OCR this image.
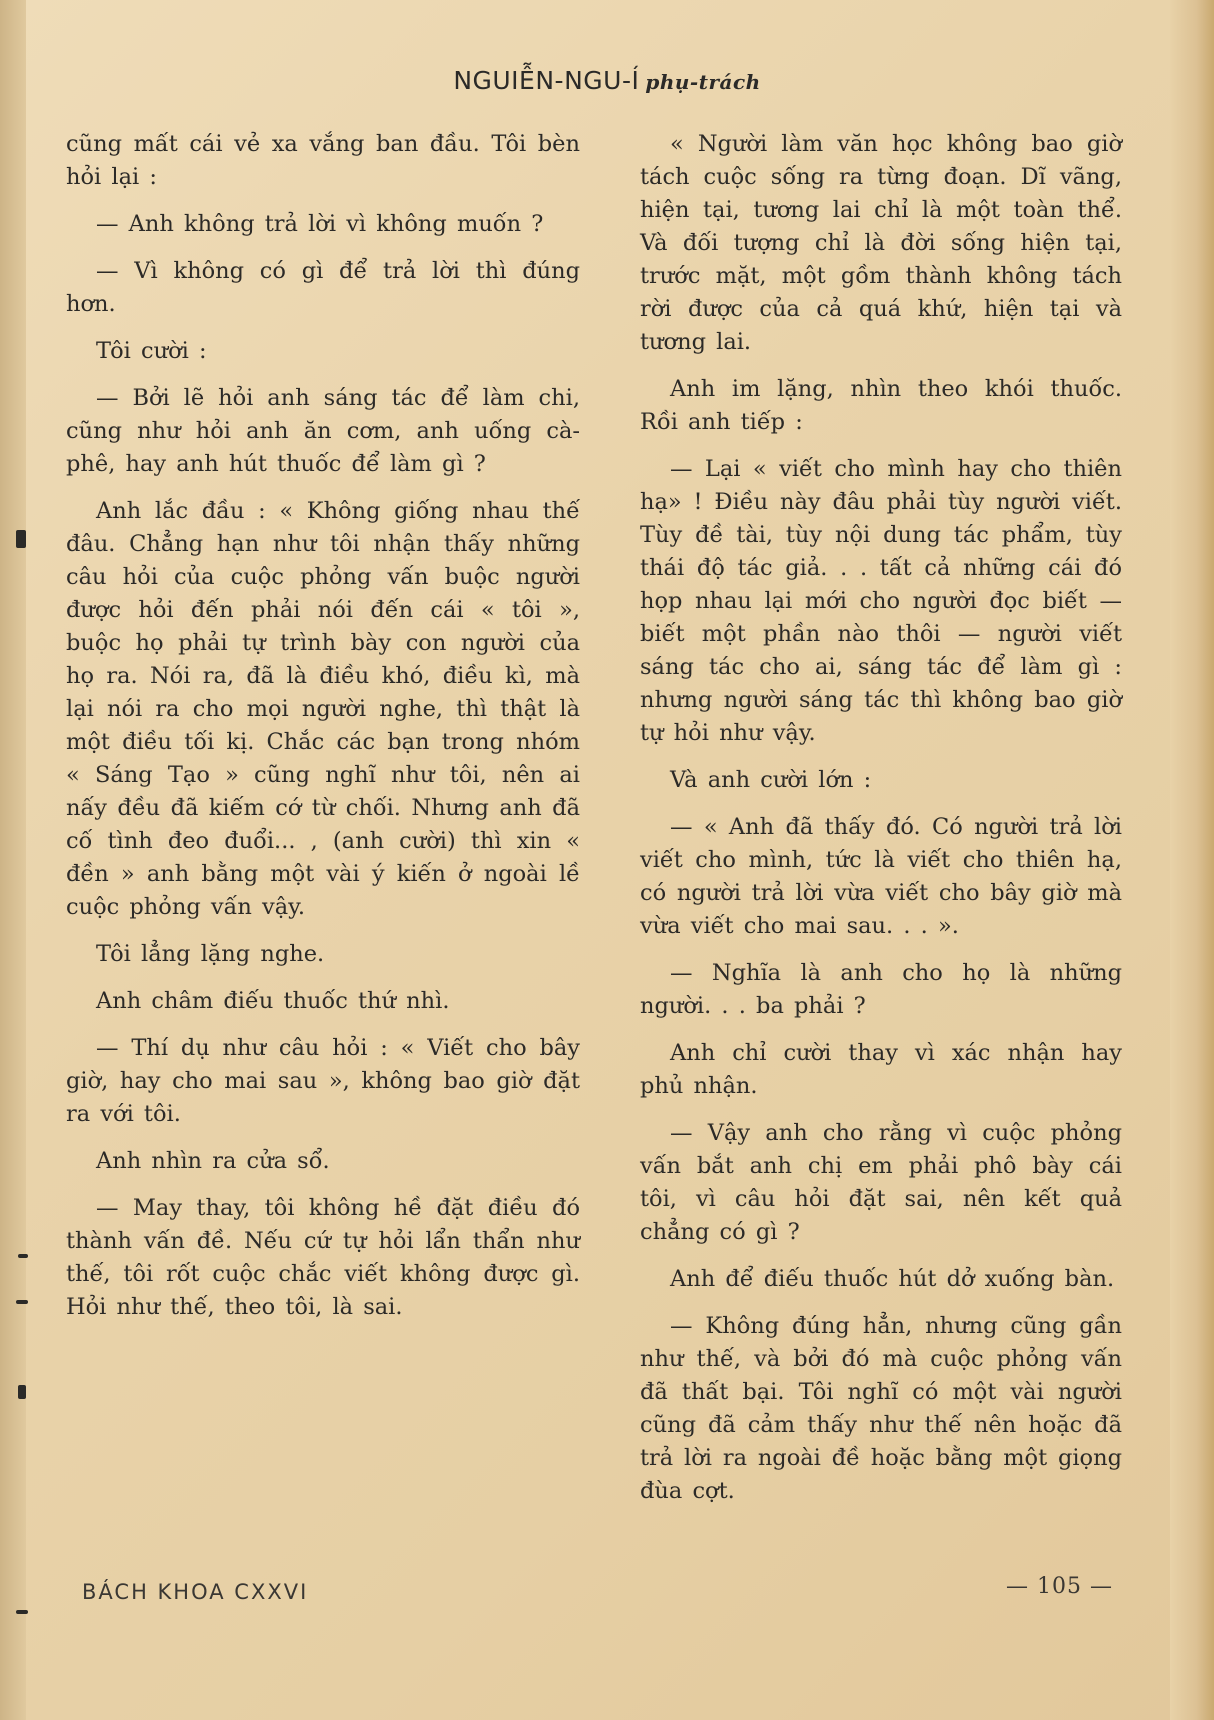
NGUIỄN-NGU-Í phụ-trách

cũng mất cái vẻ xa vắng ban đầu. Tôi bèn hỏi lại :

— Anh không trả lời vì không muốn ?

— Vì không có gì để trả lời thì đúng hơn.

Tôi cười :

— Bởi lẽ hỏi anh sáng tác để làm chi, cũng như hỏi anh ăn cơm, anh uống cà-phê, hay anh hút thuốc để làm gì ?

Anh lắc đầu : « Không giống nhau thế đâu. Chẳng hạn như tôi nhận thấy những câu hỏi của cuộc phỏng vấn buộc người được hỏi đến phải nói đến cái « tôi », buộc họ phải tự trình bày con người của họ ra. Nói ra, đã là điều khó, điều kì, mà lại nói ra cho mọi người nghe, thì thật là một điều tối kị. Chắc các bạn trong nhóm « Sáng Tạo » cũng nghĩ như tôi, nên ai nấy đều đã kiếm cớ từ chối. Nhưng anh đã cố tình đeo đuổi... , (anh cười) thì xin « đền » anh bằng một vài ý kiến ở ngoài lề cuộc phỏng vấn vậy.

Tôi lẳng lặng nghe.

Anh châm điếu thuốc thứ nhì.

— Thí dụ như câu hỏi : « Viết cho bây giờ, hay cho mai sau », không bao giờ đặt ra với tôi.

Anh nhìn ra cửa sổ.

— May thay, tôi không hề đặt điều đó thành vấn đề. Nếu cứ tự hỏi lẩn thẩn như thế, tôi rốt cuộc chắc viết không được gì. Hỏi như thế, theo tôi, là sai.

« Người làm văn học không bao giờ tách cuộc sống ra từng đoạn. Dĩ vãng, hiện tại, tương lai chỉ là một toàn thể. Và đối tượng chỉ là đời sống hiện tại, trước mặt, một gồm thành không tách rời được của cả quá khứ, hiện tại và tương lai.

Anh im lặng, nhìn theo khói thuốc. Rồi anh tiếp :

— Lại « viết cho mình hay cho thiên hạ» ! Điều này đâu phải tùy người viết. Tùy đề tài, tùy nội dung tác phẩm, tùy thái độ tác giả. . . tất cả những cái đó họp nhau lại mới cho người đọc biết — biết một phần nào thôi — người viết sáng tác cho ai, sáng tác để làm gì : nhưng người sáng tác thì không bao giờ tự hỏi như vậy.

Và anh cười lớn :

— « Anh đã thấy đó. Có người trả lời viết cho mình, tức là viết cho thiên hạ, có người trả lời vừa viết cho bây giờ mà vừa viết cho mai sau. . . ».

— Nghĩa là anh cho họ là những người. . . ba phải ?

Anh chỉ cười thay vì xác nhận hay phủ nhận.

— Vậy anh cho rằng vì cuộc phỏng vấn bắt anh chị em phải phô bày cái tôi, vì câu hỏi đặt sai, nên kết quả chẳng có gì ?

Anh để điếu thuốc hút dở xuống bàn.

— Không đúng hẳn, nhưng cũng gần như thế, và bởi đó mà cuộc phỏng vấn đã thất bại. Tôi nghĩ có một vài người cũng đã cảm thấy như thế nên hoặc đã trả lời ra ngoài đề hoặc bằng một giọng đùa cợt.

BÁCH KHOA CXXVI	— 105 —
